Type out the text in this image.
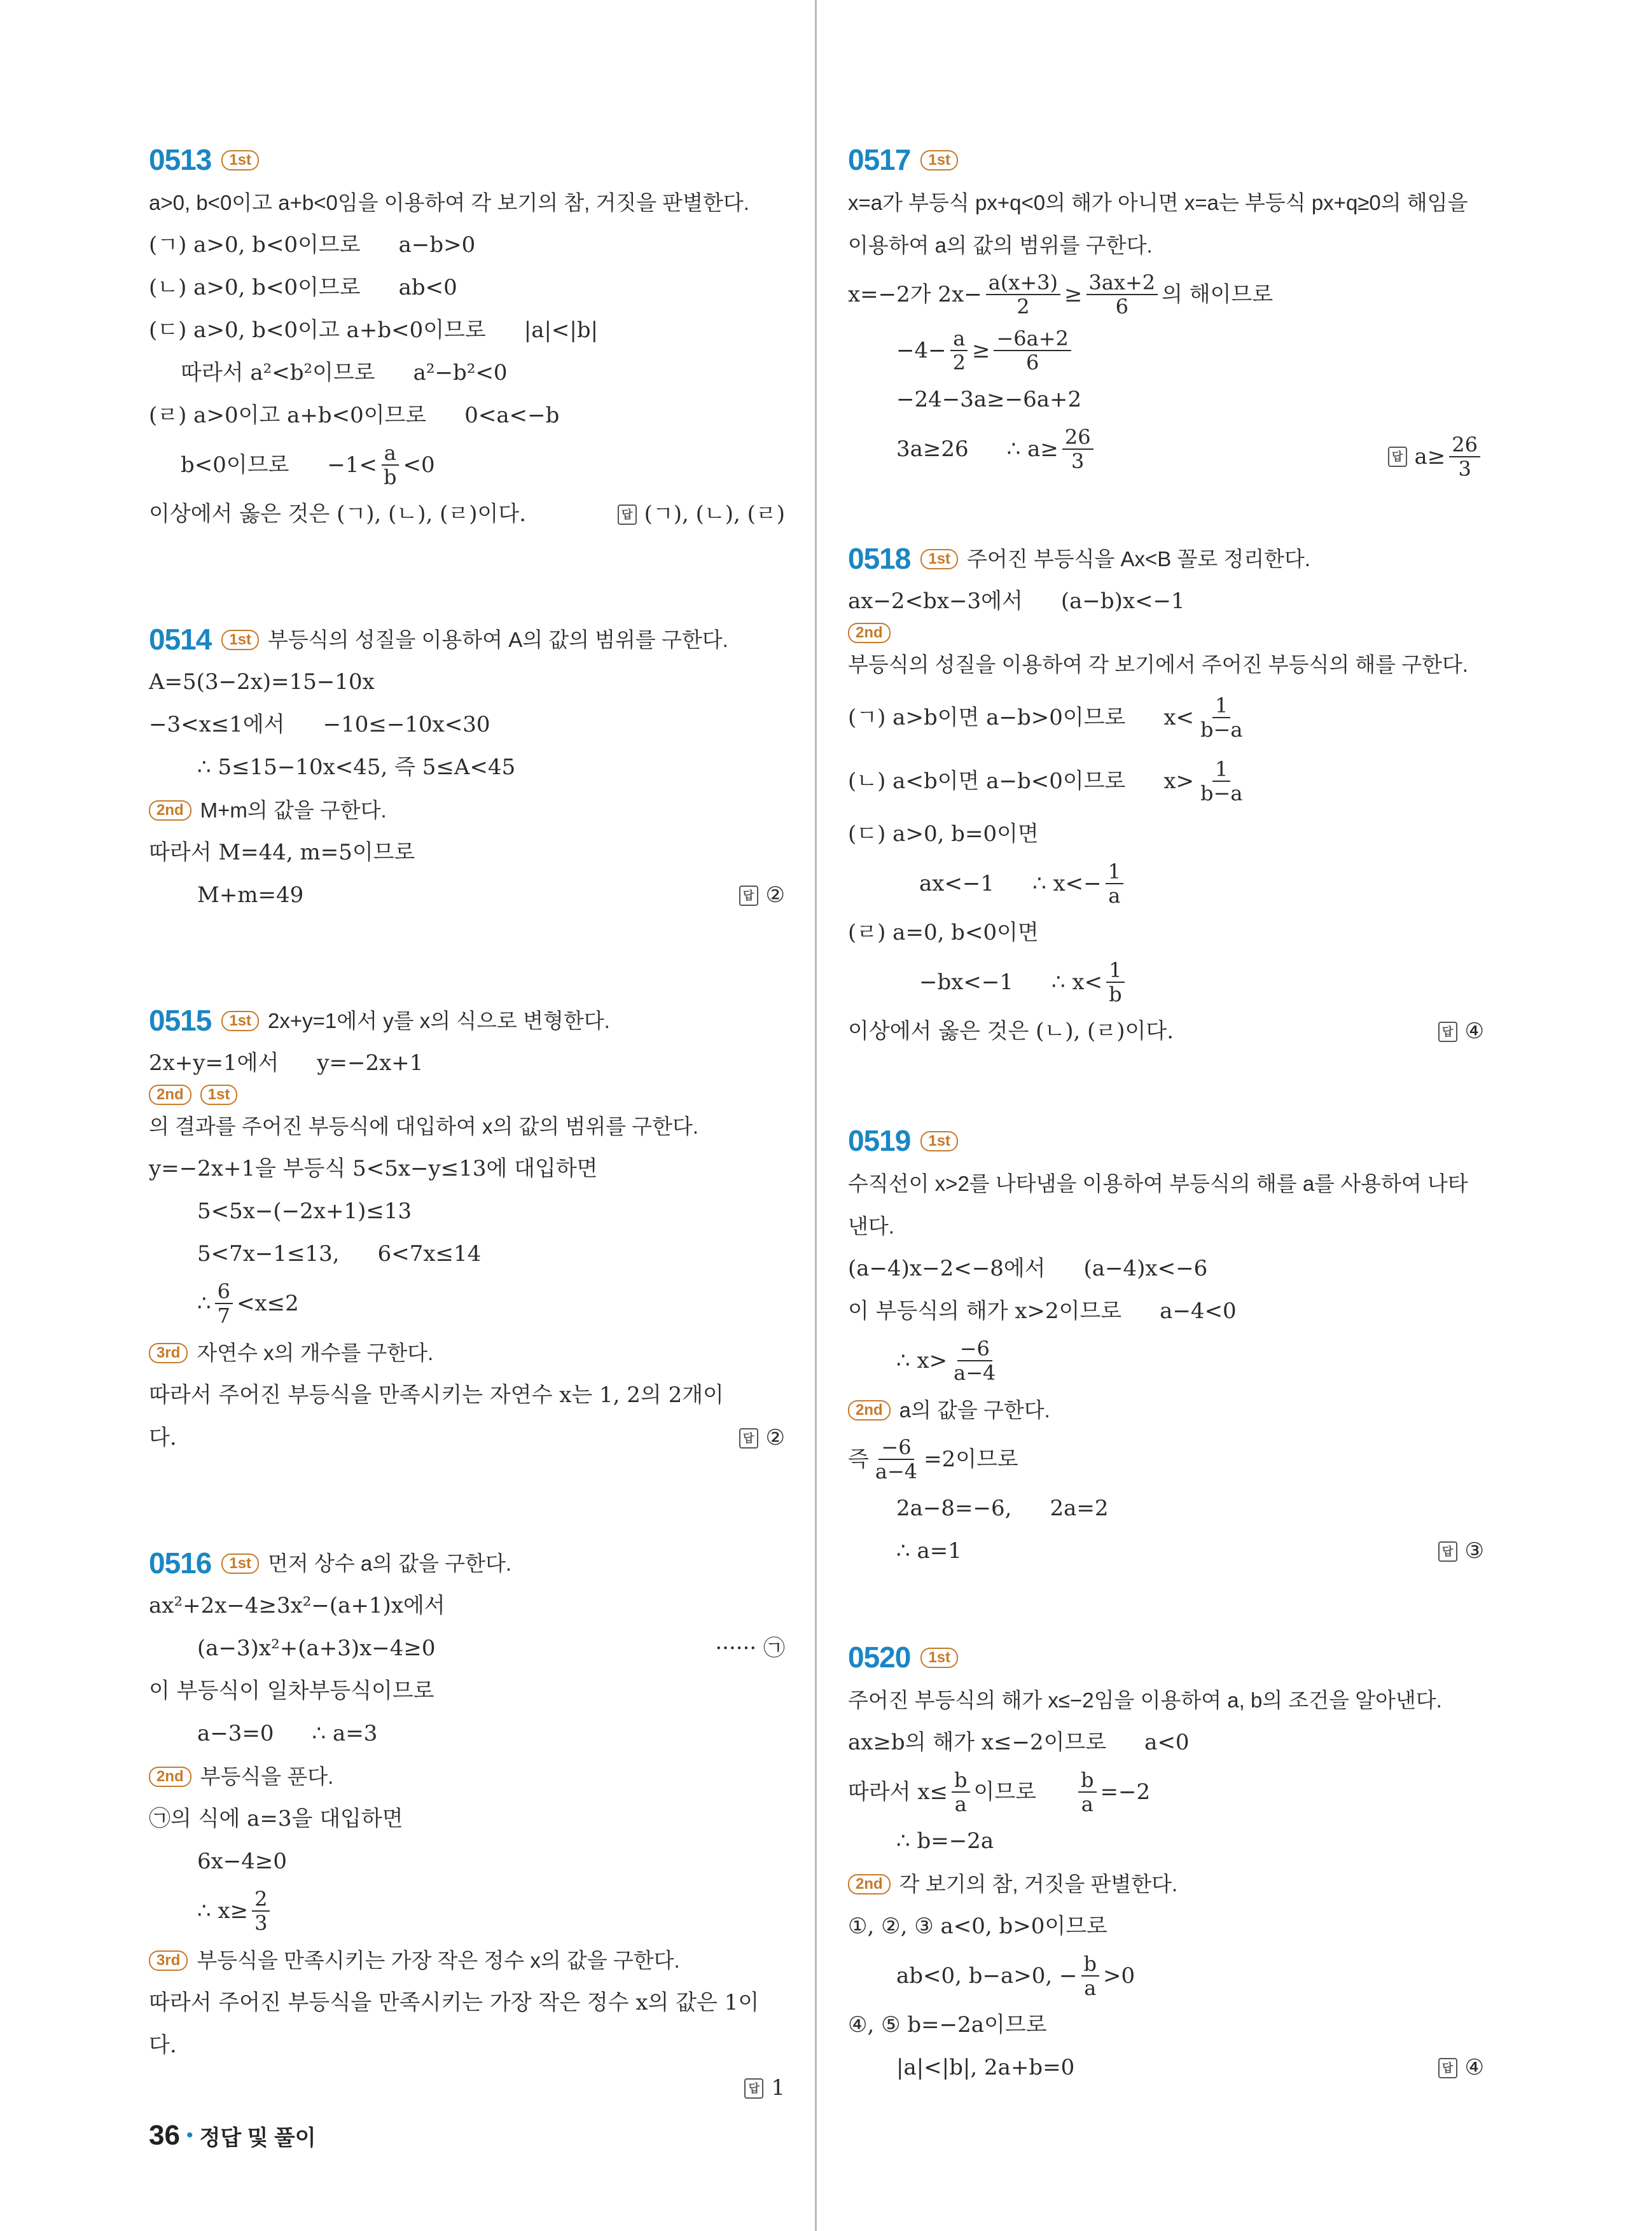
0513	1st
a>0, b<0이고 a+b<0임을 이용하여 각 보기의 참, 거짓을 판별한다.
(ㄱ) a>0, b<0이므로 a−b>0
(ㄴ) a>0, b<0이므로 ab<0
(ㄷ) a>0, b<0이고 a+b<0이므로 |a|<|b|
따라서 a²<b²이므로 a²−b²<0
(ㄹ) a>0이고 a+b<0이므로 0<a<−b
b<0이므로 $-1< \frac{a}{b} <0$
이상에서 옳은 것은 (ㄱ), (ㄴ), (ㄹ)이다.	답 (ㄱ), (ㄴ), (ㄹ)
0514	1st 부등식의 성질을 이용하여 A의 값의 범위를 구한다.
A=5(3−2x)=15−10x
−3<x≤1에서 −10≤−10x<30
∴ 5≤15−10x<45, 즉 5≤A<45
2nd M+m의 값을 구한다.
따라서 M=44, m=5이므로
M+m=49	답 ②
0515	1st 2x+y=1에서 y를 x의 식으로 변형한다.
2x+y=1에서 y=−2x+1
2nd	1st
의 결과를 주어진 부등식에 대입하여 x의 값의 범위를 구한다.
y=−2x+1을 부등식 5<5x−y≤13에 대입하면
5<5x−(−2x+1)≤13
5<7x−1≤13, 6<7x≤14
∴ $\frac{6}{7} <x\le 2$
3rd 자연수 x의 개수를 구한다.
따라서 주어진 부등식을 만족시키는 자연수 x는 1, 2의 2개이다.	답 ②
0516	1st 먼저 상수 a의 값을 구한다.
ax²+2x−4≥3x²−(a+1)x에서
(a−3)x²+(a+3)x−4≥0	······ ㉠
이 부등식이 일차부등식이므로
a−3=0 ∴ a=3
2nd 부등식을 푼다.
㉠의 식에 a=3을 대입하면
6x−4≥0
∴ $x\ge \frac{2}{3}$
3rd 부등식을 만족시키는 가장 작은 정수 x의 값을 구한다.
따라서 주어진 부등식을 만족시키는 가장 작은 정수 x의 값은 1이다.

답 1
0517	1st
x=a가 부등식 px+q<0의 해가 아니면 x=a는 부등식 px+q≥0의 해임을 이용하여 a의 값의 범위를 구한다.
x=−2가 $2x- \frac{a(x+3)}{2} \ge \frac{3ax+2}{6}$ 의 해이므로
$-4- \frac{a}{2} \ge \frac{-6a+2}{6}$
−24−3a≥−6a+2
3a≥26 ∴ $a\ge \frac{26}{3}$	답 $a\ge \frac{26}{3}$
0518	1st 주어진 부등식을 Ax<B 꼴로 정리한다.
ax−2<bx−3에서 (a−b)x<−1
2nd
부등식의 성질을 이용하여 각 보기에서 주어진 부등식의 해를 구한다.
(ㄱ) a>b이면 a−b>0이므로 $x< \frac{1}{b-a}$
(ㄴ) a<b이면 a−b<0이므로 $x> \frac{1}{b-a}$
(ㄷ) a>0, b=0이면
ax<−1 ∴ $x<- \frac{1}{a}$
(ㄹ) a=0, b<0이면
−bx<−1 ∴ $x< \frac{1}{b}$
이상에서 옳은 것은 (ㄴ), (ㄹ)이다.	답 ④
0519	1st
수직선이 x>2를 나타냄을 이용하여 부등식의 해를 a를 사용하여 나타낸다.
(a−4)x−2<−8에서 (a−4)x<−6
이 부등식의 해가 x>2이므로 a−4<0
∴ $x> \frac{-6}{a-4}$
2nd a의 값을 구한다.
즉 $\frac{-6}{a-4} =2$이므로
2a−8=−6, 2a=2
∴ a=1	답 ③
0520	1st
주어진 부등식의 해가 x≤−2임을 이용하여 a, b의 조건을 알아낸다.
ax≥b의 해가 x≤−2이므로 a<0
따라서 $x\le \frac{b}{a}$ 이므로 $\frac{b}{a} =-2$
∴ b=−2a
2nd 각 보기의 참, 거짓을 판별한다.
①, ②, ③ a<0, b>0이므로
ab<0, b−a>0, − $\frac{b}{a} >0$
④, ⑤ b=−2a이므로
|a|<|b|, 2a+b=0	답 ④
36 • 정답 및 풀이
